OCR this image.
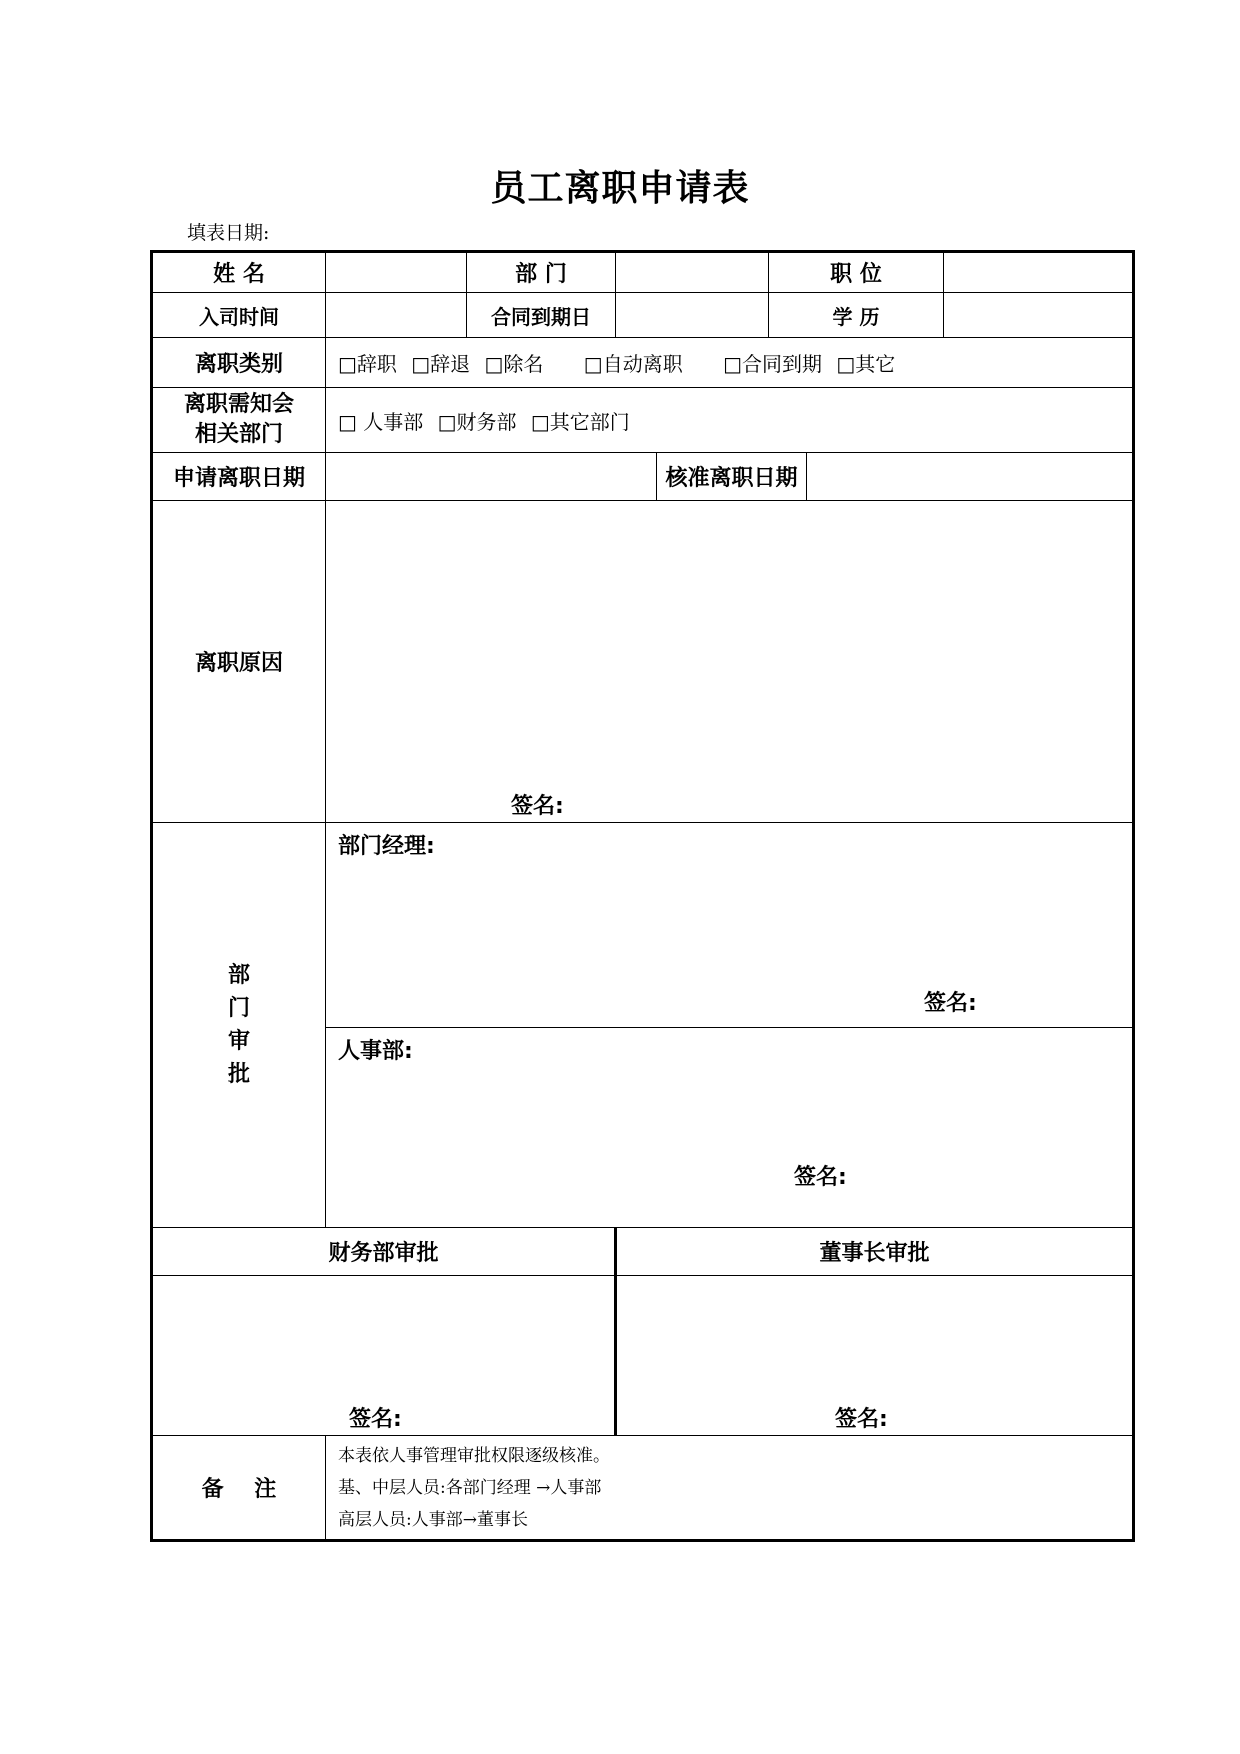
员工离职申请表
填表日期:
姓 名		部 门			职 位		
入司时间		合同到期日			学 历		
离职类别	□辞职 □辞退 □除名 □自动离职 □合同到期 □其它						

离职需知会
相关部门	□ 人事部 □财务部 □其它部门						
申请离职日期				核准离职日期			
离职原因	签名:						

部
门
审
批	部门经理:
签名:						

	人事部:
签名:						

财务部审批			董事长审批				

签名:			签名:				

备    注	本表依人事管理审批权限逐级核准。
基、中层人员:各部门经理 →人事部
高层人员:人事部→董事长						
